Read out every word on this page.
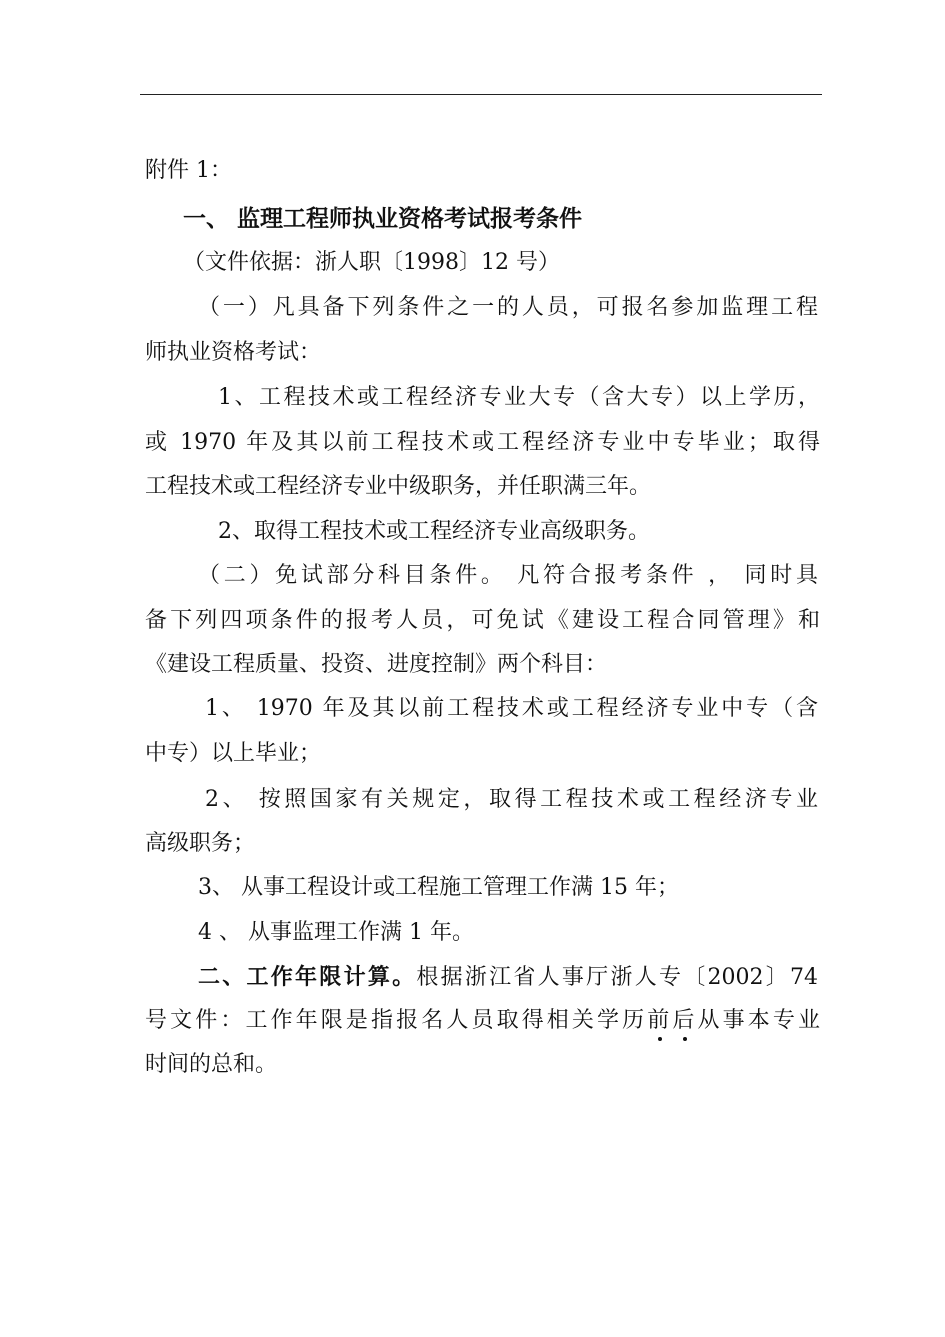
附件 1：
一、 监理工程师执业资格考试报考条件
（文件依据：浙人职〔1998〕12 号）
（一）凡具备下列条件之一的人员，可报名参加监理工程
师执业资格考试：
1、工程技术或工程经济专业大专（含大专）以上学历，
或 1970 年及其以前工程技术或工程经济专业中专毕业；取得
工程技术或工程经济专业中级职务，并任职满三年。
2、取得工程技术或工程经济专业高级职务。
（二）免试部分科目条件。 凡符合报考条件 ， 同时具
备下列四项条件的报考人员，可免试《建设工程合同管理》和
《建设工程质量、投资、进度控制》两个科目：
1、 1970 年及其以前工程技术或工程经济专业中专（含
中专）以上毕业；
2、 按照国家有关规定，取得工程技术或工程经济专业
高级职务；
3、 从事工程设计或工程施工管理工作满 15 年；
4 、 从事监理工作满 1 年。
二、工作年限计算。根据浙江省人事厅浙人专〔2002〕74
号文件：工作年限是指报名人员取得相关学历前后从事本专业
时间的总和。
